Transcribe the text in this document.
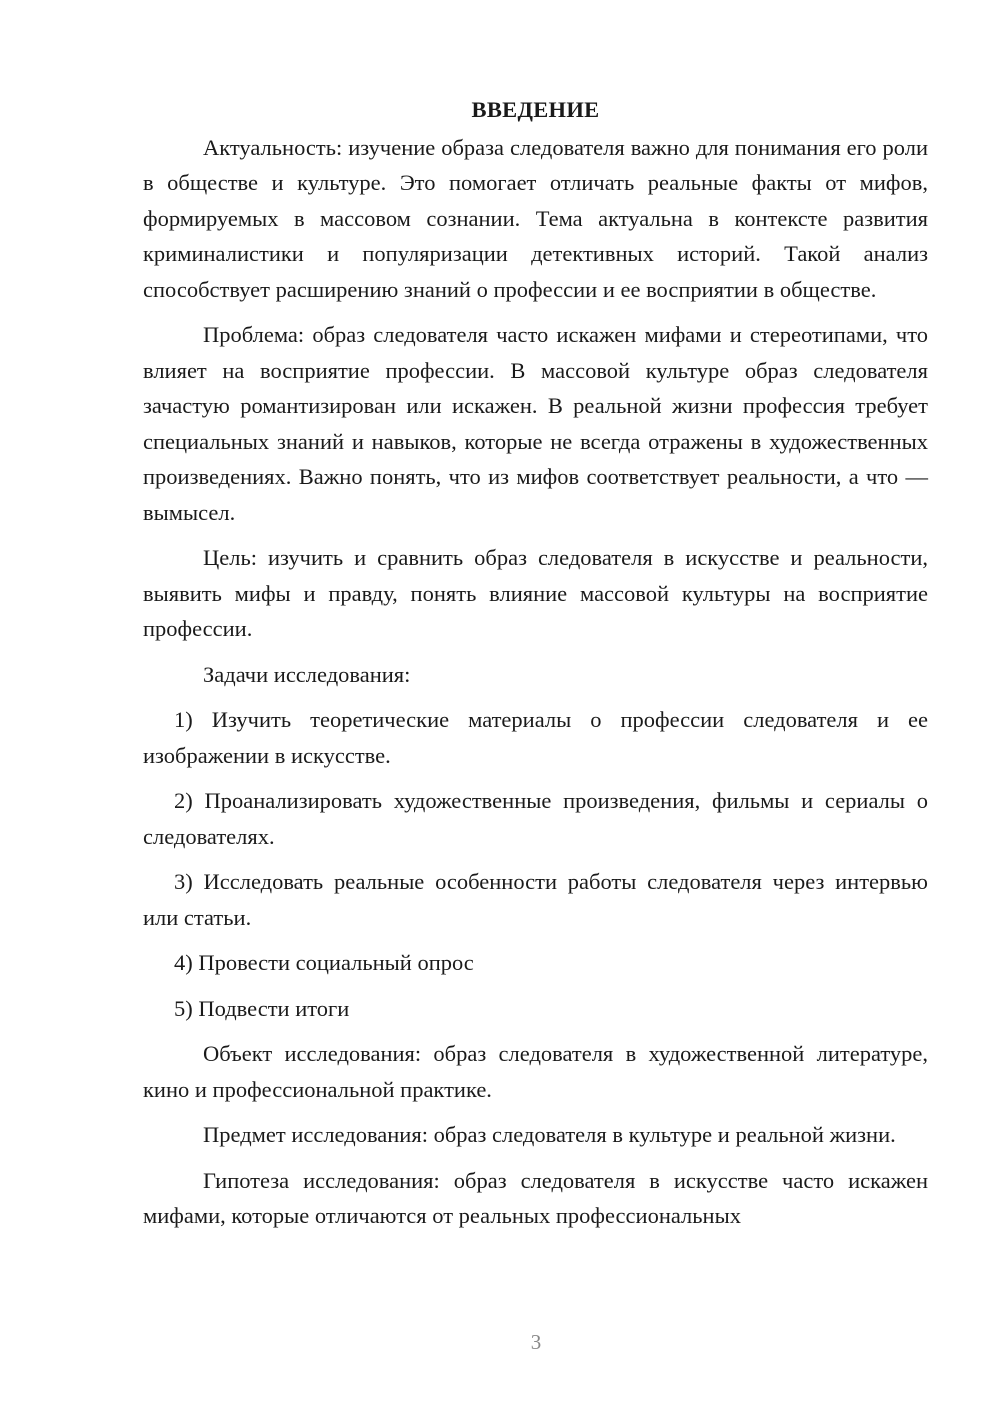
ВВЕДЕНИЕ

Актуальность: изучение образа следователя важно для понимания его роли в обществе и культуре. Это помогает отличать реальные факты от мифов, формируемых в массовом сознании. Тема актуальна в контексте развития криминалистики и популяризации детективных историй. Такой анализ способствует расширению знаний о профессии и ее восприятии в обществе.

Проблема: образ следователя часто искажен мифами и стереотипами, что влияет на восприятие профессии. В массовой культуре образ следователя зачастую романтизирован или искажен. В реальной жизни профессия требует специальных знаний и навыков, которые не всегда отражены в художественных произведениях. Важно понять, что из мифов соответствует реальности, а что — вымысел.

Цель: изучить и сравнить образ следователя в искусстве и реальности, выявить мифы и правду, понять влияние массовой культуры на восприятие профессии.

Задачи исследования:

1) Изучить теоретические материалы о профессии следователя и ее изображении в искусстве.

2) Проанализировать художественные произведения, фильмы и сериалы о следователях.

3) Исследовать реальные особенности работы следователя через интервью или статьи.

4) Провести социальный опрос

5) Подвести итоги

Объект исследования: образ следователя в художественной литературе, кино и профессиональной практике.

Предмет исследования: образ следователя в культуре и реальной жизни.

Гипотеза исследования: образ следователя в искусстве часто искажен мифами, которые отличаются от реальных профессиональных

3
